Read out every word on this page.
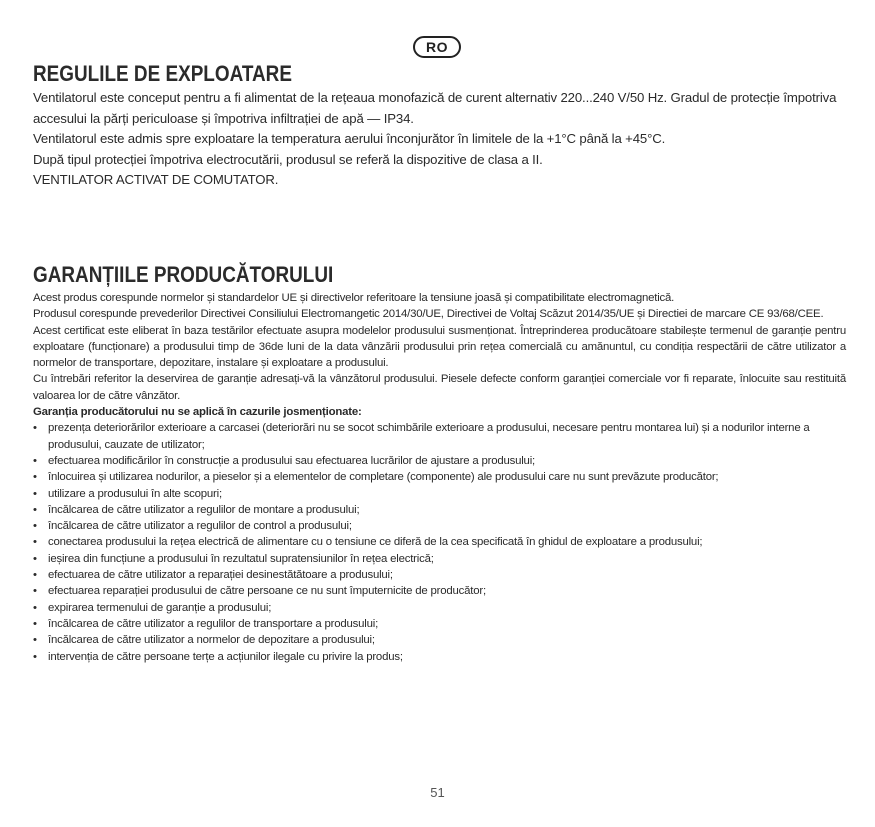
RO
REGULILE DE EXPLOATARE

Ventilatorul este conceput pentru a fi alimentat de la rețeaua monofazică de curent alternativ 220...240 V/50 Hz. Gradul de protecție împotriva accesului la părți periculoase și împotriva infiltrației de apă — IP34.

Ventilatorul este admis spre exploatare la temperatura aerului înconjurător în limitele de la +1°C până la +45°C.

După tipul protecției împotriva electrocutării, produsul se referă la dispozitive de clasa a II.

VENTILATOR ACTIVAT DE COMUTATOR.

GARANȚIILE PRODUCĂTORULUI

Acest produs corespunde normelor și standardelor UE și directivelor referitoare la tensiune joasă și compatibilitate electromagnetică.

Produsul corespunde prevederilor Directivei Consiliului Electromangetic 2014/30/UE, Directivei de Voltaj Scăzut 2014/35/UE și Directiei de marcare CE 93/68/CEE.

Acest certificat este eliberat în baza testărilor efectuate asupra modelelor produsului susmenționat. Întreprinderea producătoare stabilește termenul de garanție pentru exploatare (funcționare) a produsului timp de 36de luni de la data vânzării produsului prin rețea comercială cu amănuntul, cu condiția respectării de către utilizator a normelor de transportare, depozitare, instalare și exploatare a produsului.

Cu întrebări referitor la deservirea de garanție adresați-vă la vânzătorul produsului. Piesele defecte conform garanției comerciale vor fi reparate, înlocuite sau restituită valoarea lor de către vânzător.

Garanția producătorului nu se aplică în cazurile josmenționate:

• prezența deteriorărilor exterioare a carcasei (deteriorări nu se socot schimbările exterioare a produsului, necesare pentru montarea lui) și a nodurilor interne a produsului, cauzate de utilizator;
• efectuarea modificărilor în construcție a produsului sau efectuarea lucrărilor de ajustare a produsului;
• înlocuirea și utilizarea nodurilor, a pieselor și a elementelor de completare (componente) ale produsului care nu sunt prevăzute producător;
• utilizare a produsului în alte scopuri;
• încălcarea de către utilizator a regulilor de montare a produsului;
• încălcarea de către utilizator a regulilor de control a produsului;
• conectarea produsului la rețea electrică de alimentare cu o tensiune ce diferă de la cea specificată în ghidul de exploatare a produsului;
• ieșirea din funcțiune a produsului în rezultatul supratensiunilor în rețea electrică;
• efectuarea de către utilizator a reparației desinestătătoare a produsului;
• efectuarea reparației produsului de către persoane ce nu sunt împuternicite de producător;
• expirarea termenului de garanție a produsului;
• încălcarea de către utilizator a regulilor de transportare a produsului;
• încălcarea de către utilizator a normelor de depozitare a produsului;
• intervenția de către persoane terțe a acțiunilor ilegale cu privire la produs;
51
